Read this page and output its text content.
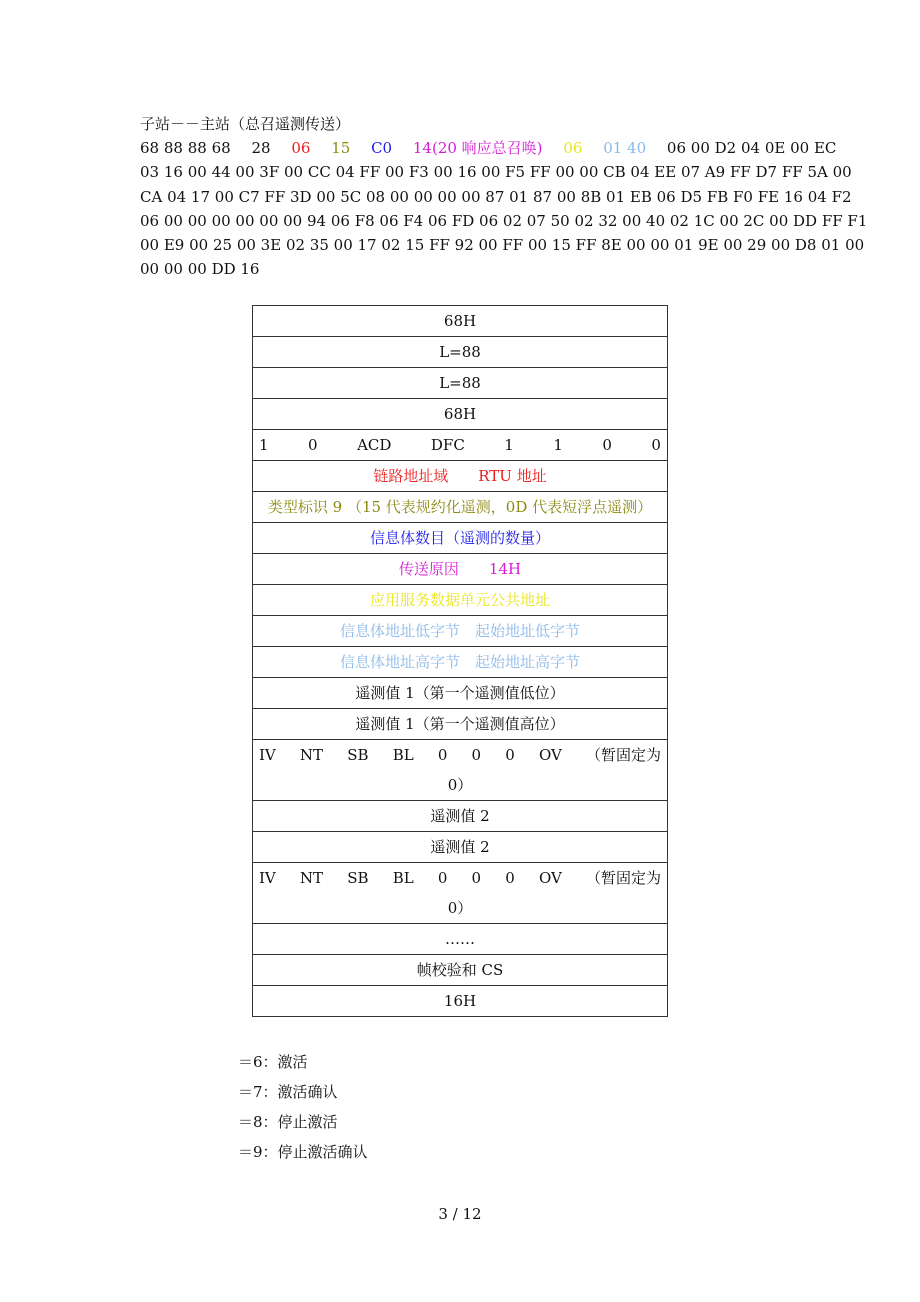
子站－－主站（总召遥测传送）
68 88 88 68 28 06 15 C0 14(20 响应总召唤) 06 01 40 06 00 D2 04 0E 00 EC
03 16 00 44 00 3F 00 CC 04 FF 00 F3 00 16 00 F5 FF 00 00 CB 04 EE 07 A9 FF D7 FF 5A 00
CA 04 17 00 C7 FF 3D 00 5C 08 00 00 00 00 87 01 87 00 8B 01 EB 06 D5 FB F0 FE 16 04 F2
06 00 00 00 00 00 00 94 06 F8 06 F4 06 FD 06 02 07 50 02 32 00 40 02 1C 00 2C 00 DD FF F1
00 E9 00 25 00 3E 02 35 00 17 02 15 FF 92 00 FF 00 15 FF 8E 00 00 01 9E 00 29 00 D8 01 00
00 00 00 DD 16
68H
L=88
L=88
68H

1	0	ACD	DFC	1	1	0	0

链路地址域　　RTU 地址
类型标识 9 （15 代表规约化遥测，0D 代表短浮点遥测）
信息体数目（遥测的数量）
传送原因　　14H
应用服务数据单元公共地址
信息体地址低字节　起始地址低字节
信息体地址高字节　起始地址高字节
遥测值 1（第一个遥测值低位）
遥测值 1（第一个遥测值高位）

IV NT SB BL 0 0 0 OV （暂固定为
0）

遥测值 2
遥测值 2

IV NT SB BL 0 0 0 OV （暂固定为
0）

……
帧校验和 CS
16H
＝6：激活
＝7：激活确认
＝8：停止激活
＝9：停止激活确认
3 / 12
